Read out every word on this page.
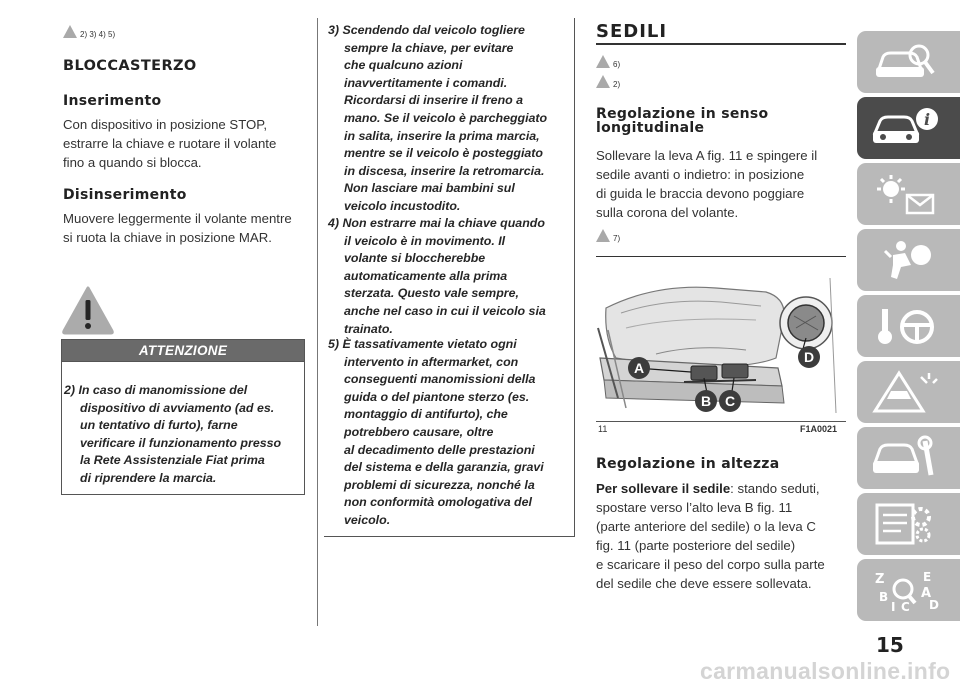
2) 3) 4) 5)
BLOCCASTERZO
Inserimento
Con dispositivo in posizione STOP,
estrarre la chiave e ruotare il volante
fino a quando si blocca.
Disinserimento
Muovere leggermente il volante mentre
si ruota la chiave in posizione MAR.
ATTENZIONE
2) In caso di manomissione del
dispositivo di avviamento (ad es.
un tentativo di furto), farne
verificare il funzionamento presso
la Rete Assistenziale Fiat prima
di riprendere la marcia.
3) Scendendo dal veicolo togliere
sempre la chiave, per evitare
che qualcuno azioni
inavvertitamente i comandi.
Ricordarsi di inserire il freno a
mano. Se il veicolo è parcheggiato
in salita, inserire la prima marcia,
mentre se il veicolo è posteggiato
in discesa, inserire la retromarcia.
Non lasciare mai bambini sul
veicolo incustodito.
4) Non estrarre mai la chiave quando
il veicolo è in movimento. Il
volante si bloccherebbe
automaticamente alla prima
sterzata. Questo vale sempre,
anche nel caso in cui il veicolo sia
trainato.
5) È tassativamente vietato ogni
intervento in aftermarket, con
conseguenti manomissioni della
guida o del piantone sterzo (es.
montaggio di antifurto), che
potrebbero causare, oltre
al decadimento delle prestazioni
del sistema e della garanzia, gravi
problemi di sicurezza, nonché la
non conformità omologativa del
veicolo.
SEDILI
6)
2)
Regolazione in senso
longitudinale
Sollevare la leva A fig. 11 e spingere il
sedile avanti o indietro: in posizione
di guida le braccia devono poggiare
sulla corona del volante.
7)
A
B C
D
11	F1A0021
Regolazione in altezza
Per sollevare il sedile: stando seduti,
spostare verso l’alto leva B fig. 11
(parte anteriore del sedile) o la leva C
fig. 11 (parte posteriore del sedile)
e scaricare il peso del corpo sulla parte
del sedile che deve essere sollevata.
i
Z	E
A
B
I C D
15
carmanualsonline.info
